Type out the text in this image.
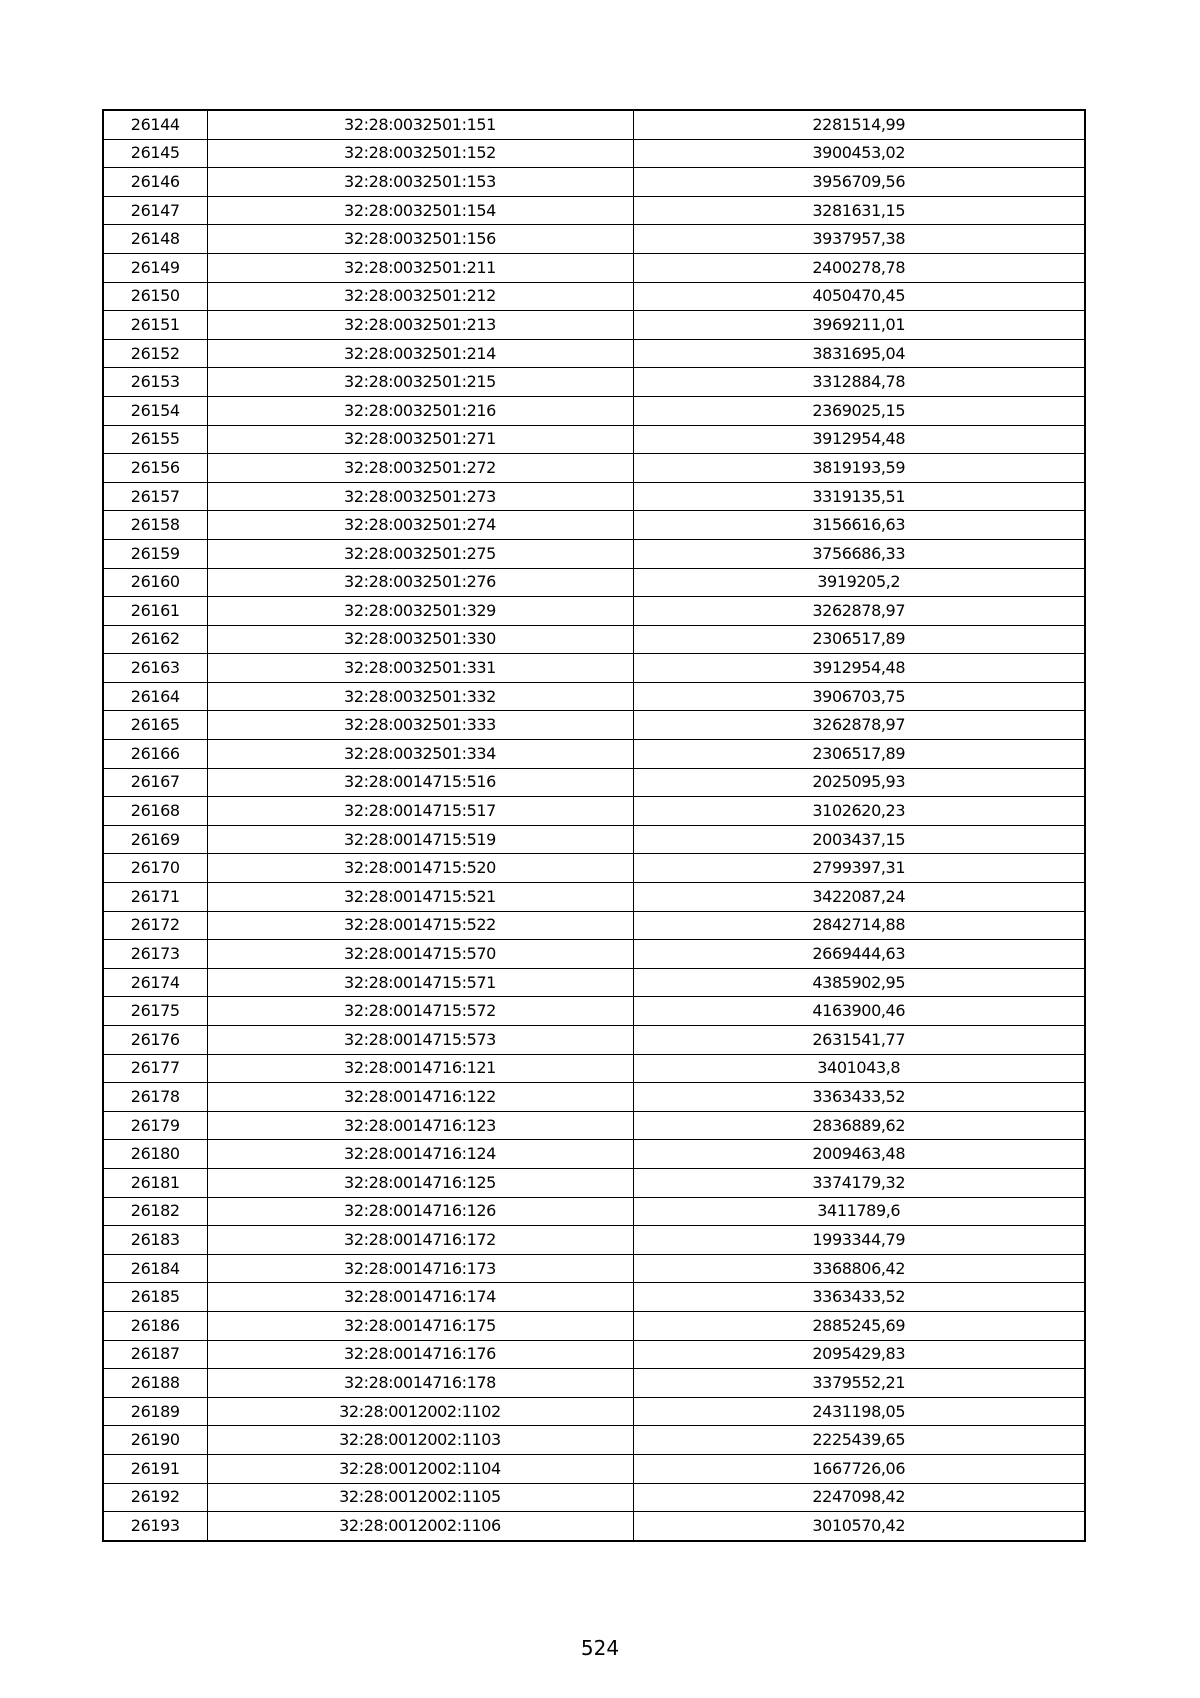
26144	32:28:0032501:151	2281514,99
26145	32:28:0032501:152	3900453,02
26146	32:28:0032501:153	3956709,56
26147	32:28:0032501:154	3281631,15
26148	32:28:0032501:156	3937957,38
26149	32:28:0032501:211	2400278,78
26150	32:28:0032501:212	4050470,45
26151	32:28:0032501:213	3969211,01
26152	32:28:0032501:214	3831695,04
26153	32:28:0032501:215	3312884,78
26154	32:28:0032501:216	2369025,15
26155	32:28:0032501:271	3912954,48
26156	32:28:0032501:272	3819193,59
26157	32:28:0032501:273	3319135,51
26158	32:28:0032501:274	3156616,63
26159	32:28:0032501:275	3756686,33
26160	32:28:0032501:276	3919205,2
26161	32:28:0032501:329	3262878,97
26162	32:28:0032501:330	2306517,89
26163	32:28:0032501:331	3912954,48
26164	32:28:0032501:332	3906703,75
26165	32:28:0032501:333	3262878,97
26166	32:28:0032501:334	2306517,89
26167	32:28:0014715:516	2025095,93
26168	32:28:0014715:517	3102620,23
26169	32:28:0014715:519	2003437,15
26170	32:28:0014715:520	2799397,31
26171	32:28:0014715:521	3422087,24
26172	32:28:0014715:522	2842714,88
26173	32:28:0014715:570	2669444,63
26174	32:28:0014715:571	4385902,95
26175	32:28:0014715:572	4163900,46
26176	32:28:0014715:573	2631541,77
26177	32:28:0014716:121	3401043,8
26178	32:28:0014716:122	3363433,52
26179	32:28:0014716:123	2836889,62
26180	32:28:0014716:124	2009463,48
26181	32:28:0014716:125	3374179,32
26182	32:28:0014716:126	3411789,6
26183	32:28:0014716:172	1993344,79
26184	32:28:0014716:173	3368806,42
26185	32:28:0014716:174	3363433,52
26186	32:28:0014716:175	2885245,69
26187	32:28:0014716:176	2095429,83
26188	32:28:0014716:178	3379552,21
26189	32:28:0012002:1102	2431198,05
26190	32:28:0012002:1103	2225439,65
26191	32:28:0012002:1104	1667726,06
26192	32:28:0012002:1105	2247098,42
26193	32:28:0012002:1106	3010570,42
524
